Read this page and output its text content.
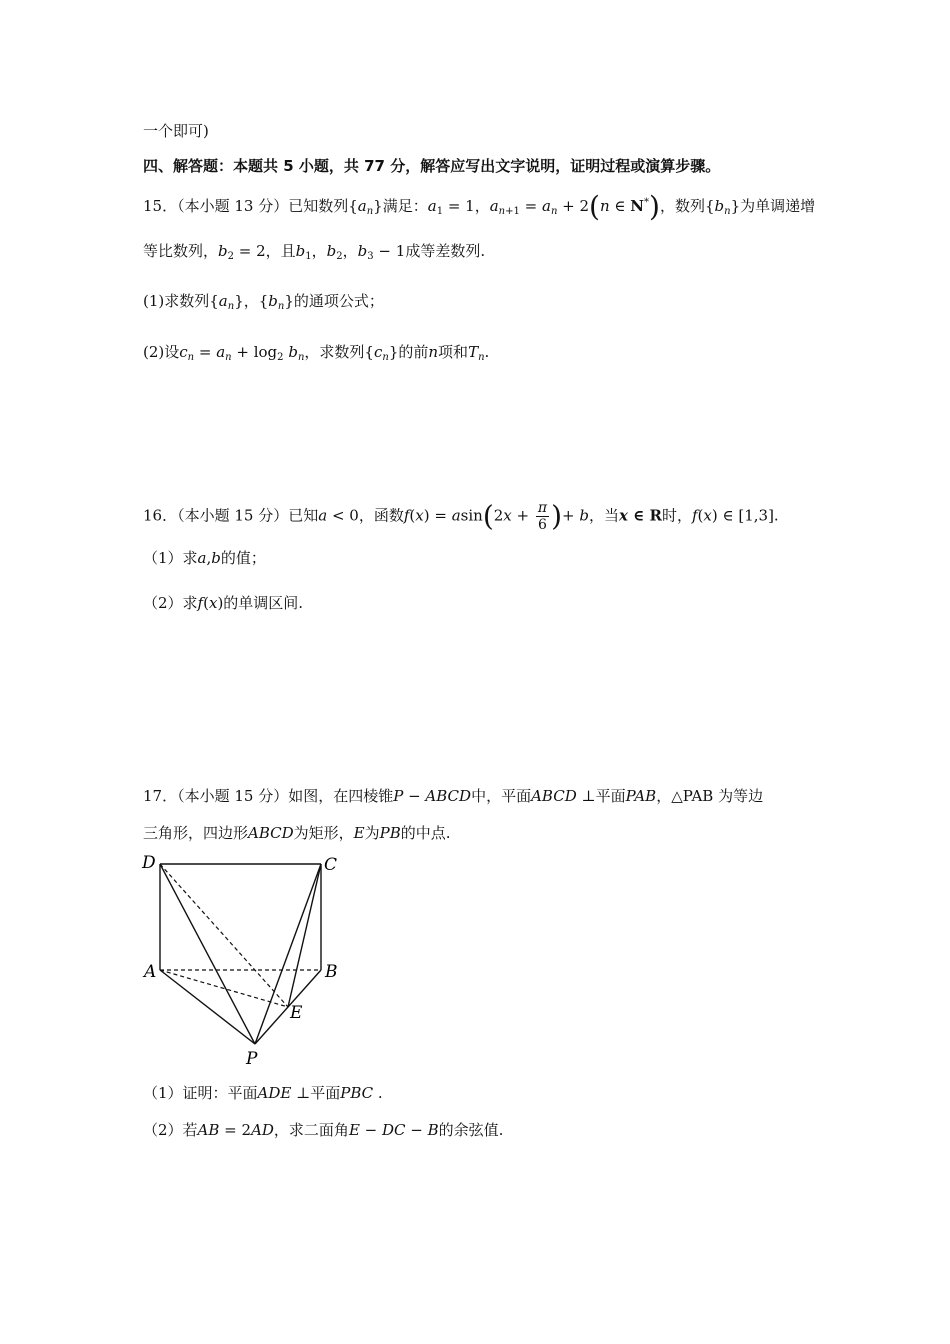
一个即可)
四、解答题：本题共 5 小题，共 77 分，解答应写出文字说明，证明过程或演算步骤。
15．（本小题 13 分）已知数列$\{a_n\}$满足：$a_1 = 1$，$a_{n+1} = a_n + 2(n$ ∈ N*)，数列$\{b_n\}$为单调递增
等比数列，$b_2 = 2$，且$b_1$，$b_2$，$b_3 - 1$成等差数列.
(1)求数列$\{a_n\}$，$\{b_n\}$的通项公式；
(2)设$c_n = a_n + \log_2 b_n$，求数列$\{c_n\}$的前n项和$T_n$.
16．（本小题 15 分）已知a < 0，函数$f(x) = asin(2x + \frac{\pi}{6}$ )+ b，当x ∈ R时，f(x) ∈ [1,3].
（1）求a,b的值；
（2）求f(x)的单调区间.
17．（本小题 15 分）如图，在四棱锥P − ABCD中，平面ABCD ⊥平面PAB，△PAB 为等边
三角形，四边形ABCD为矩形，E为PB的中点.
D	C
A	B
E
P
（1）证明：平面ADE ⊥平面PBC .
（2）若AB = 2AD，求二面角E − DC − B的余弦值.
